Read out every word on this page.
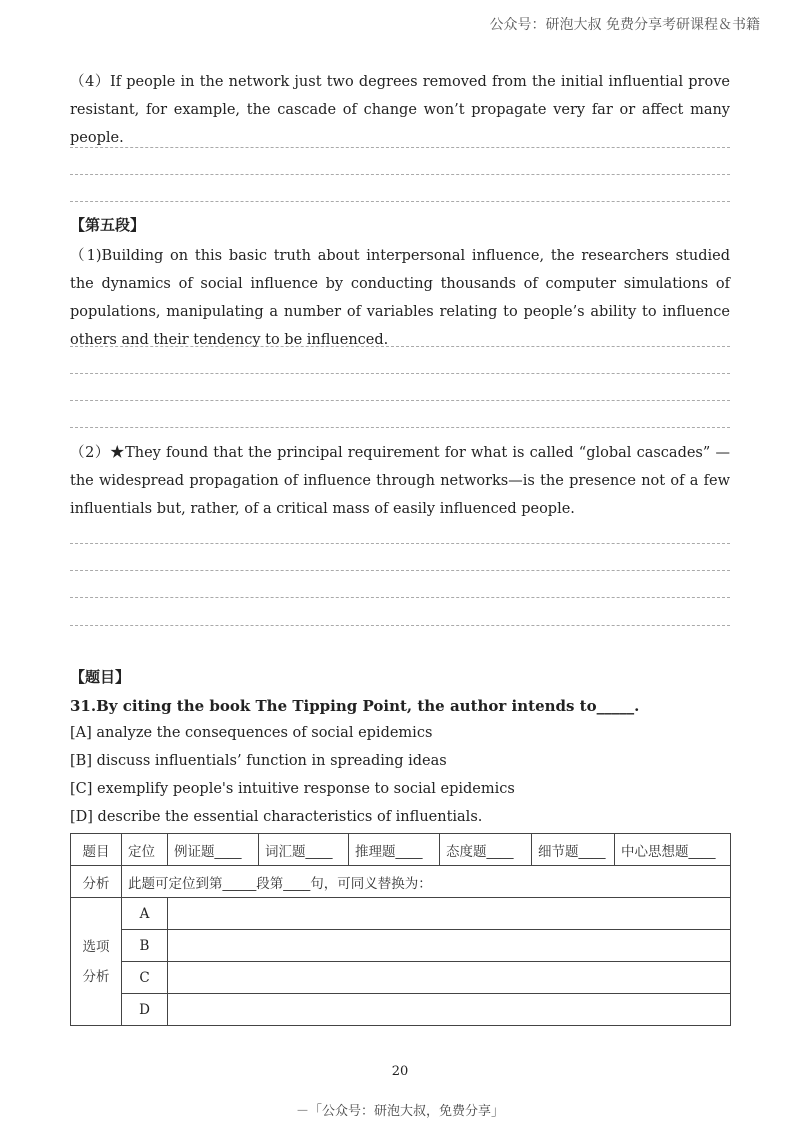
公众号：研泡大叔 免费分享考研课程＆书籍
（4）If people in the network just two degrees removed from the initial influential prove resistant, for example, the cascade of change won’t propagate very far or affect many people.
【第五段】
（1)Building on this basic truth about interpersonal influence, the researchers studied the dynamics of social influence by conducting thousands of computer simulations of populations, manipulating a number of variables relating to people’s ability to influence others and their tendency to be influenced.
（2）★They found that the principal requirement for what is called “global cascades” —the widespread propagation of influence through networks—is the presence not of a few influentials but, rather, of a critical mass of easily influenced people.
【题目】
31.By citing the book The Tipping Point, the author intends to_____.
[A] analyze the consequences of social epidemics
[B] discuss influentials’ function in spreading ideas
[C] exemplify people's intuitive response to social epidemics
[D] describe the essential characteristics of influentials.
题目	定位	例证题____	词汇题____	推理题____	态度题____	细节题____	中心思想题____
分析	此题可定位到第_____段第____句，可同义替换为：						
选项
分析	A						
	B						
	C						
	D						
20
－「公众号：研泡大叔，免费分享」
